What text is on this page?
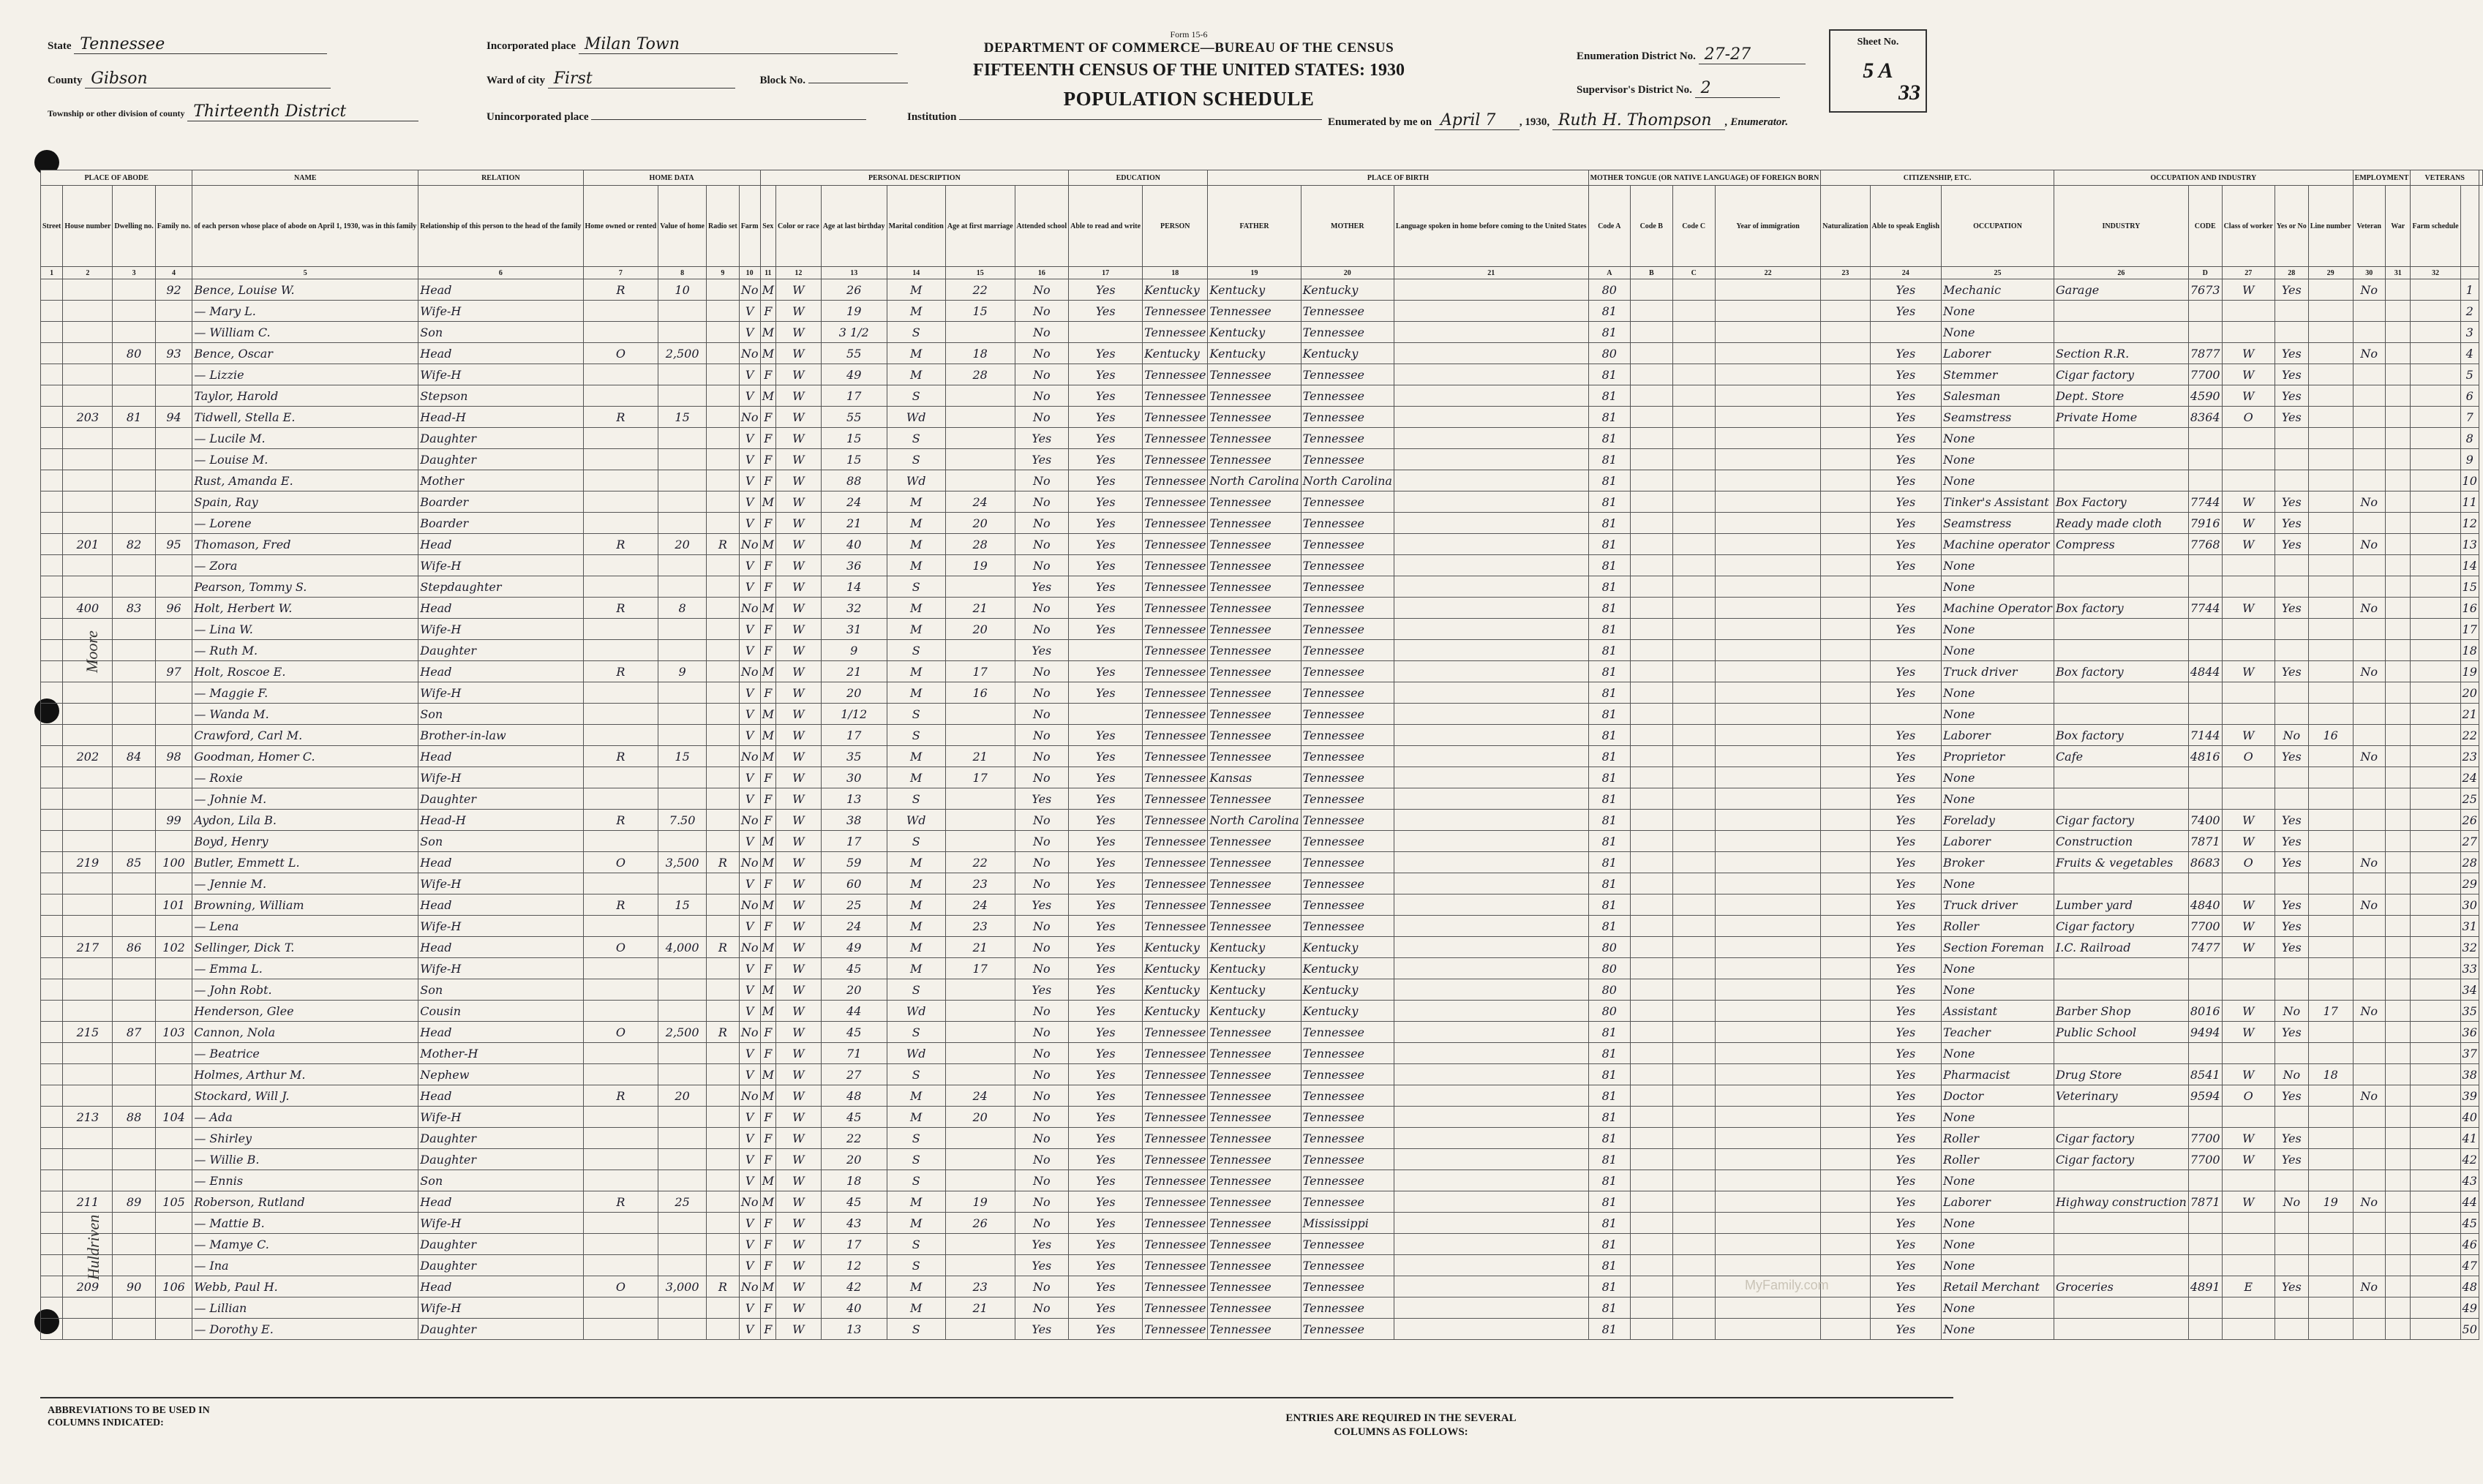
Form 15-6
DEPARTMENT OF COMMERCE—BUREAU OF THE CENSUS
FIFTEENTH CENSUS OF THE UNITED STATES: 1930
POPULATION SCHEDULE
State Tennessee
County Gibson
Township or other division of county Thirteenth District
Incorporated place Milan Town
Ward of city First	Block No.
Unincorporated place	Institution
Enumeration District No. 27-27
Supervisor's District No. 2
Enumerated by me on April 7 , 1930, Ruth H. Thompson , Enumerator.
Sheet No.
5 A
33
PLACE OF ABODE				NAME	RELATION	HOME DATA				PERSONAL DESCRIPTION						EDUCATION		PLACE OF BIRTH			MOTHER TONGUE (OR NATIVE LANGUAGE) OF FOREIGN BORN				CITIZENSHIP, ETC.			OCCUPATION AND INDUSTRY					EMPLOYMENT		VETERANS		
Street	House number	Dwelling no.	Family no.	of each person whose place of abode on April 1, 1930, was in this family	Relationship of this person to the head of the family	Home owned or rented	Value of home	Radio set	Farm	Sex	Color or race	Age at last birthday	Marital condition	Age at first marriage	Attended school	Able to read and write	PERSON	FATHER	MOTHER	Language spoken in home before coming to the United States	Code A	Code B	Code C	Year of immigration	Naturalization	Able to speak English	OCCUPATION	INDUSTRY	CODE	Class of worker	Yes or No	Line number	Veteran	War	Farm schedule		
1	2	3	4	5	6	7	8	9	10	11	12	13	14	15	16	17	18	19	20	21	A	B	C	22	23	24	25	26	D	27	28	29	30	31	32		
			92	Bence, Louise W.	Head	R	10		No	M	W	26	M	22	No	Yes	Kentucky	Kentucky	Kentucky		80					Yes	Mechanic	Garage	7673	W	Yes		No			1	
				— Mary L.	Wife-H				V	F	W	19	M	15	No	Yes	Tennessee	Tennessee	Tennessee		81					Yes	None									2	
				— William C.	Son				V	M	W	3 1/2	S		No		Tennessee	Kentucky	Tennessee		81						None									3	
		80	93	Bence, Oscar	Head	O	2,500		No	M	W	55	M	18	No	Yes	Kentucky	Kentucky	Kentucky		80					Yes	Laborer	Section R.R.	7877	W	Yes		No			4	
				— Lizzie	Wife-H				V	F	W	49	M	28	No	Yes	Tennessee	Tennessee	Tennessee		81					Yes	Stemmer	Cigar factory	7700	W	Yes					5	
				Taylor, Harold	Stepson				V	M	W	17	S		No	Yes	Tennessee	Tennessee	Tennessee		81					Yes	Salesman	Dept. Store	4590	W	Yes					6	
	203	81	94	Tidwell, Stella E.	Head-H	R	15		No	F	W	55	Wd		No	Yes	Tennessee	Tennessee	Tennessee		81					Yes	Seamstress	Private Home	8364	O	Yes					7	
				— Lucile M.	Daughter				V	F	W	15	S		Yes	Yes	Tennessee	Tennessee	Tennessee		81					Yes	None									8	
				— Louise M.	Daughter				V	F	W	15	S		Yes	Yes	Tennessee	Tennessee	Tennessee		81					Yes	None									9	
				Rust, Amanda E.	Mother				V	F	W	88	Wd		No	Yes	Tennessee	North Carolina	North Carolina		81					Yes	None									10	
				Spain, Ray	Boarder				V	M	W	24	M	24	No	Yes	Tennessee	Tennessee	Tennessee		81					Yes	Tinker's Assistant	Box Factory	7744	W	Yes		No			11	
				— Lorene	Boarder				V	F	W	21	M	20	No	Yes	Tennessee	Tennessee	Tennessee		81					Yes	Seamstress	Ready made cloth	7916	W	Yes					12	
	201	82	95	Thomason, Fred	Head	R	20	R	No	M	W	40	M	28	No	Yes	Tennessee	Tennessee	Tennessee		81					Yes	Machine operator	Compress	7768	W	Yes		No			13	
				— Zora	Wife-H				V	F	W	36	M	19	No	Yes	Tennessee	Tennessee	Tennessee		81					Yes	None									14	
				Pearson, Tommy S.	Stepdaughter				V	F	W	14	S		Yes	Yes	Tennessee	Tennessee	Tennessee		81						None									15	
	400	83	96	Holt, Herbert W.	Head	R	8		No	M	W	32	M	21	No	Yes	Tennessee	Tennessee	Tennessee		81					Yes	Machine Operator	Box factory	7744	W	Yes		No			16	
				— Lina W.	Wife-H				V	F	W	31	M	20	No	Yes	Tennessee	Tennessee	Tennessee		81					Yes	None									17	
				— Ruth M.	Daughter				V	F	W	9	S		Yes		Tennessee	Tennessee	Tennessee		81						None									18	
			97	Holt, Roscoe E.	Head	R	9		No	M	W	21	M	17	No	Yes	Tennessee	Tennessee	Tennessee		81					Yes	Truck driver	Box factory	4844	W	Yes		No			19	
				— Maggie F.	Wife-H				V	F	W	20	M	16	No	Yes	Tennessee	Tennessee	Tennessee		81					Yes	None									20	
				— Wanda M.	Son				V	M	W	1/12	S		No		Tennessee	Tennessee	Tennessee		81						None									21	
				Crawford, Carl M.	Brother-in-law				V	M	W	17	S		No	Yes	Tennessee	Tennessee	Tennessee		81					Yes	Laborer	Box factory	7144	W	No	16				22	
	202	84	98	Goodman, Homer C.	Head	R	15		No	M	W	35	M	21	No	Yes	Tennessee	Tennessee	Tennessee		81					Yes	Proprietor	Cafe	4816	O	Yes		No			23	
				— Roxie	Wife-H				V	F	W	30	M	17	No	Yes	Tennessee	Kansas	Tennessee		81					Yes	None									24	
				— Johnie M.	Daughter				V	F	W	13	S		Yes	Yes	Tennessee	Tennessee	Tennessee		81					Yes	None									25	
			99	Aydon, Lila B.	Head-H	R	7.50		No	F	W	38	Wd		No	Yes	Tennessee	North Carolina	Tennessee		81					Yes	Forelady	Cigar factory	7400	W	Yes					26	
				Boyd, Henry	Son				V	M	W	17	S		No	Yes	Tennessee	Tennessee	Tennessee		81					Yes	Laborer	Construction	7871	W	Yes					27	
	219	85	100	Butler, Emmett L.	Head	O	3,500	R	No	M	W	59	M	22	No	Yes	Tennessee	Tennessee	Tennessee		81					Yes	Broker	Fruits & vegetables	8683	O	Yes		No			28	
				— Jennie M.	Wife-H				V	F	W	60	M	23	No	Yes	Tennessee	Tennessee	Tennessee		81					Yes	None									29	
			101	Browning, William	Head	R	15		No	M	W	25	M	24	Yes	Yes	Tennessee	Tennessee	Tennessee		81					Yes	Truck driver	Lumber yard	4840	W	Yes		No			30	
				— Lena	Wife-H				V	F	W	24	M	23	No	Yes	Tennessee	Tennessee	Tennessee		81					Yes	Roller	Cigar factory	7700	W	Yes					31	
	217	86	102	Sellinger, Dick T.	Head	O	4,000	R	No	M	W	49	M	21	No	Yes	Kentucky	Kentucky	Kentucky		80					Yes	Section Foreman	I.C. Railroad	7477	W	Yes					32	
				— Emma L.	Wife-H				V	F	W	45	M	17	No	Yes	Kentucky	Kentucky	Kentucky		80					Yes	None									33	
				— John Robt.	Son				V	M	W	20	S		Yes	Yes	Kentucky	Kentucky	Kentucky		80					Yes	None									34	
				Henderson, Glee	Cousin				V	M	W	44	Wd		No	Yes	Kentucky	Kentucky	Kentucky		80					Yes	Assistant	Barber Shop	8016	W	No	17	No			35	
	215	87	103	Cannon, Nola	Head	O	2,500	R	No	F	W	45	S		No	Yes	Tennessee	Tennessee	Tennessee		81					Yes	Teacher	Public School	9494	W	Yes					36	
				— Beatrice	Mother-H				V	F	W	71	Wd		No	Yes	Tennessee	Tennessee	Tennessee		81					Yes	None									37	
				Holmes, Arthur M.	Nephew				V	M	W	27	S		No	Yes	Tennessee	Tennessee	Tennessee		81					Yes	Pharmacist	Drug Store	8541	W	No	18				38	
				Stockard, Will J.	Head	R	20		No	M	W	48	M	24	No	Yes	Tennessee	Tennessee	Tennessee		81					Yes	Doctor	Veterinary	9594	O	Yes		No			39	
	213	88	104	— Ada	Wife-H				V	F	W	45	M	20	No	Yes	Tennessee	Tennessee	Tennessee		81					Yes	None									40	
				— Shirley	Daughter				V	F	W	22	S		No	Yes	Tennessee	Tennessee	Tennessee		81					Yes	Roller	Cigar factory	7700	W	Yes					41	
				— Willie B.	Daughter				V	F	W	20	S		No	Yes	Tennessee	Tennessee	Tennessee		81					Yes	Roller	Cigar factory	7700	W	Yes					42	
				— Ennis	Son				V	M	W	18	S		No	Yes	Tennessee	Tennessee	Tennessee		81					Yes	None									43	
	211	89	105	Roberson, Rutland	Head	R	25		No	M	W	45	M	19	No	Yes	Tennessee	Tennessee	Tennessee		81					Yes	Laborer	Highway construction	7871	W	No	19	No			44	
				— Mattie B.	Wife-H				V	F	W	43	M	26	No	Yes	Tennessee	Tennessee	Mississippi		81					Yes	None									45	
				— Mamye C.	Daughter				V	F	W	17	S		Yes	Yes	Tennessee	Tennessee	Tennessee		81					Yes	None									46	
				— Ina	Daughter				V	F	W	12	S		Yes	Yes	Tennessee	Tennessee	Tennessee		81					Yes	None									47	
	209	90	106	Webb, Paul H.	Head	O	3,000	R	No	M	W	42	M	23	No	Yes	Tennessee	Tennessee	Tennessee		81					Yes	Retail Merchant	Groceries	4891	E	Yes		No			48	
				— Lillian	Wife-H				V	F	W	40	M	21	No	Yes	Tennessee	Tennessee	Tennessee		81					Yes	None									49	
				— Dorothy E.	Daughter				V	F	W	13	S		Yes	Yes	Tennessee	Tennessee	Tennessee		81					Yes	None									50	
Moore
Huldriven
MyFamily.com
ABBREVIATIONS TO BE USED IN COLUMNS INDICATED:	ENTRIES ARE REQUIRED IN THE SEVERAL COLUMNS AS FOLLOWS:
